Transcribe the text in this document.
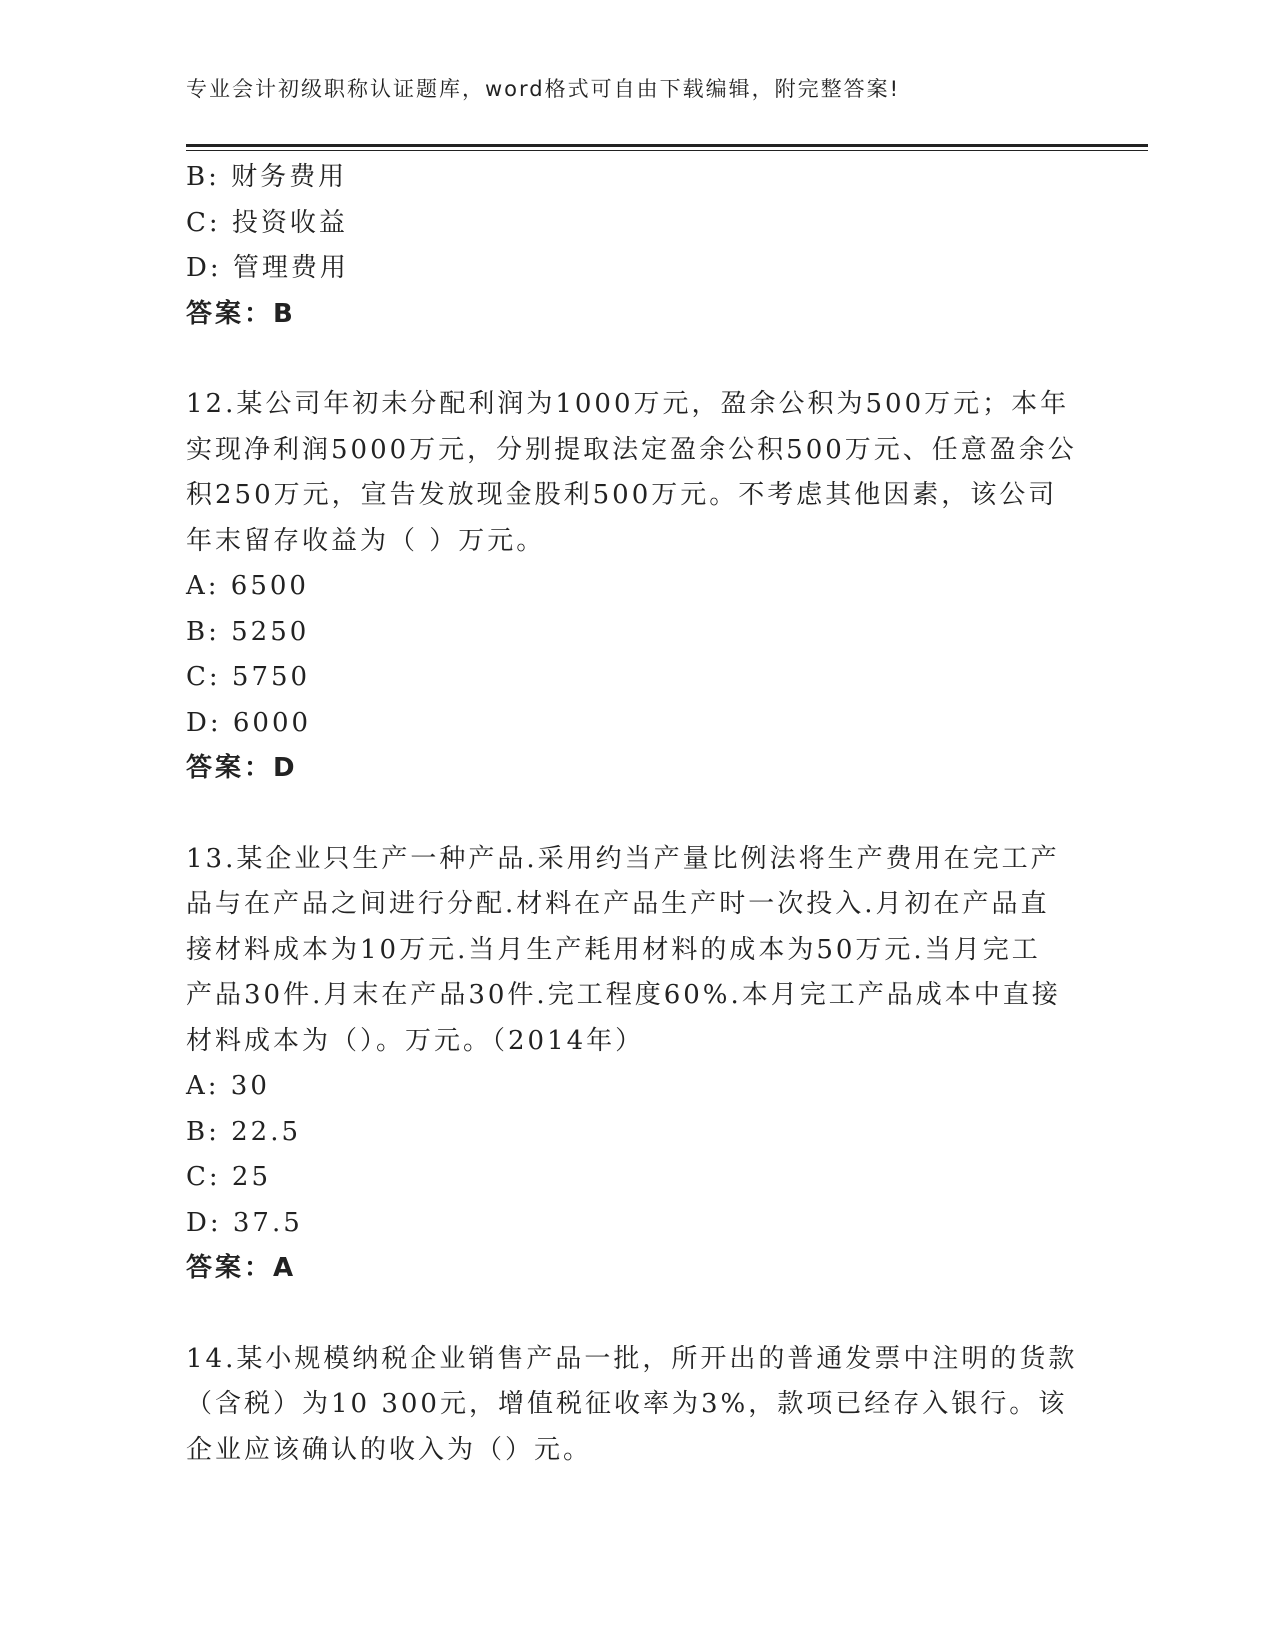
专业会计初级职称认证题库，word格式可自由下载编辑，附完整答案!
B: 财务费用
C: 投资收益
D: 管理费用
答案：B
12.某公司年初未分配利润为1000万元，盈余公积为500万元；本年
实现净利润5000万元，分别提取法定盈余公积500万元、任意盈余公
积250万元，宣告发放现金股利500万元。不考虑其他因素，该公司
年末留存收益为（ ）万元。
A: 6500
B: 5250
C: 5750
D: 6000
答案：D
13.某企业只生产一种产品.采用约当产量比例法将生产费用在完工产
品与在产品之间进行分配.材料在产品生产时一次投入.月初在产品直
接材料成本为10万元.当月生产耗用材料的成本为50万元.当月完工
产品30件.月末在产品30件.完工程度60%.本月完工产品成本中直接
材料成本为（）。万元。（2014年）
A: 30
B: 22.5
C: 25
D: 37.5
答案：A
14.某小规模纳税企业销售产品一批，所开出的普通发票中注明的货款
（含税）为10 300元，增值税征收率为3%，款项已经存入银行。该
企业应该确认的收入为（）元。
